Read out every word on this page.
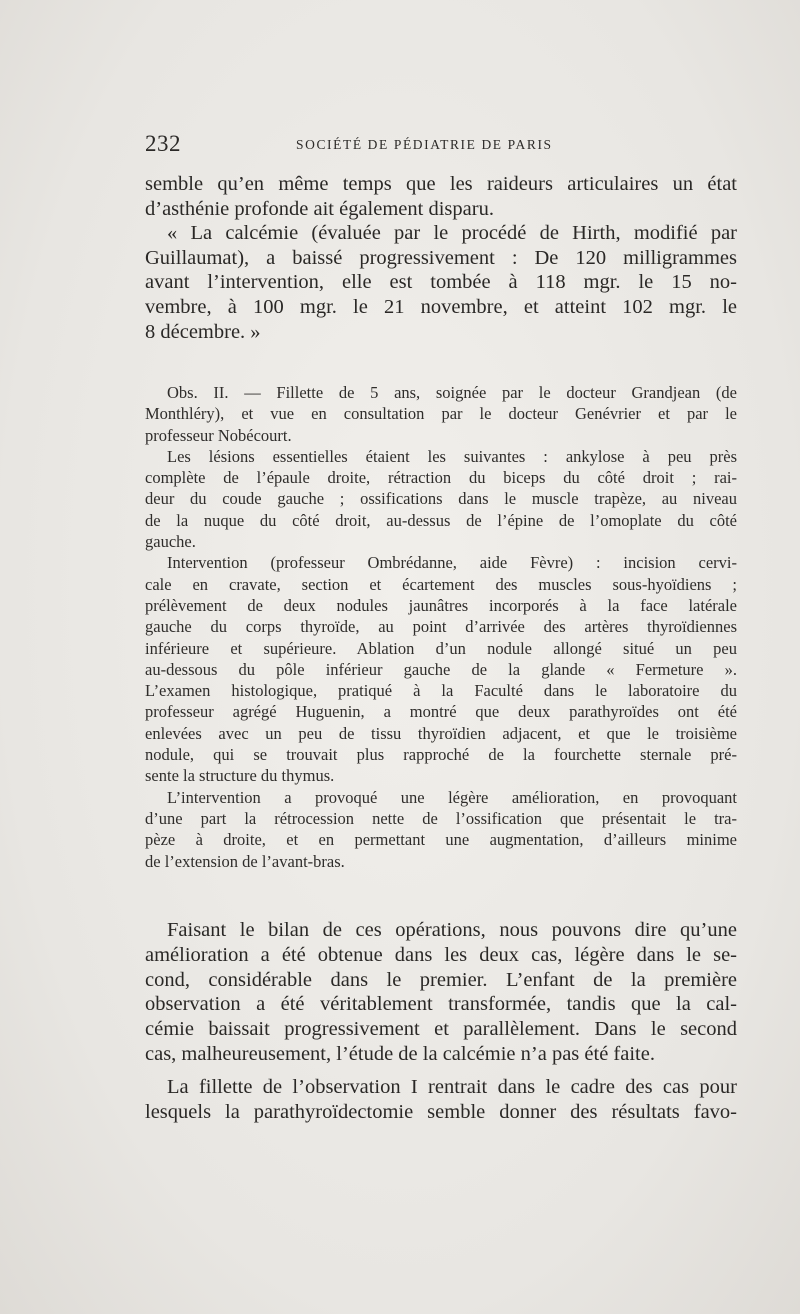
232	SOCIÉTÉ DE PÉDIATRIE DE PARIS
semble qu’en même temps que les raideurs articulaires un état
d’asthénie profonde ait également disparu.
« La calcémie (évaluée par le procédé de Hirth, modifié par
Guillaumat), a baissé progressivement : De 120 milligrammes
avant l’intervention, elle est tombée à 118 mgr. le 15 no-
vembre, à 100 mgr. le 21 novembre, et atteint 102 mgr. le
8 décembre. »
Obs. II. — Fillette de 5 ans, soignée par le docteur Grandjean (de
Monthléry), et vue en consultation par le docteur Genévrier et par le
professeur Nobécourt.
Les lésions essentielles étaient les suivantes : ankylose à peu près
complète de l’épaule droite, rétraction du biceps du côté droit ; rai-
deur du coude gauche ; ossifications dans le muscle trapèze, au niveau
de la nuque du côté droit, au-dessus de l’épine de l’omoplate du côté
gauche.
Intervention (professeur Ombrédanne, aide Fèvre) : incision cervi-
cale en cravate, section et écartement des muscles sous-hyoïdiens ;
prélèvement de deux nodules jaunâtres incorporés à la face latérale
gauche du corps thyroïde, au point d’arrivée des artères thyroïdiennes
inférieure et supérieure. Ablation d’un nodule allongé situé un peu
au-dessous du pôle inférieur gauche de la glande « Fermeture ».
L’examen histologique, pratiqué à la Faculté dans le laboratoire du
professeur agrégé Huguenin, a montré que deux parathyroïdes ont été
enlevées avec un peu de tissu thyroïdien adjacent, et que le troisième
nodule, qui se trouvait plus rapproché de la fourchette sternale pré-
sente la structure du thymus.
L’intervention a provoqué une légère amélioration, en provoquant
d’une part la rétrocession nette de l’ossification que présentait le tra-
pèze à droite, et en permettant une augmentation, d’ailleurs minime
de l’extension de l’avant-bras.
Faisant le bilan de ces opérations, nous pouvons dire qu’une
amélioration a été obtenue dans les deux cas, légère dans le se-
cond, considérable dans le premier. L’enfant de la première
observation a été véritablement transformée, tandis que la cal-
cémie baissait progressivement et parallèlement. Dans le second
cas, malheureusement, l’étude de la calcémie n’a pas été faite.
La fillette de l’observation I rentrait dans le cadre des cas pour
lesquels la parathyroïdectomie semble donner des résultats favo-
